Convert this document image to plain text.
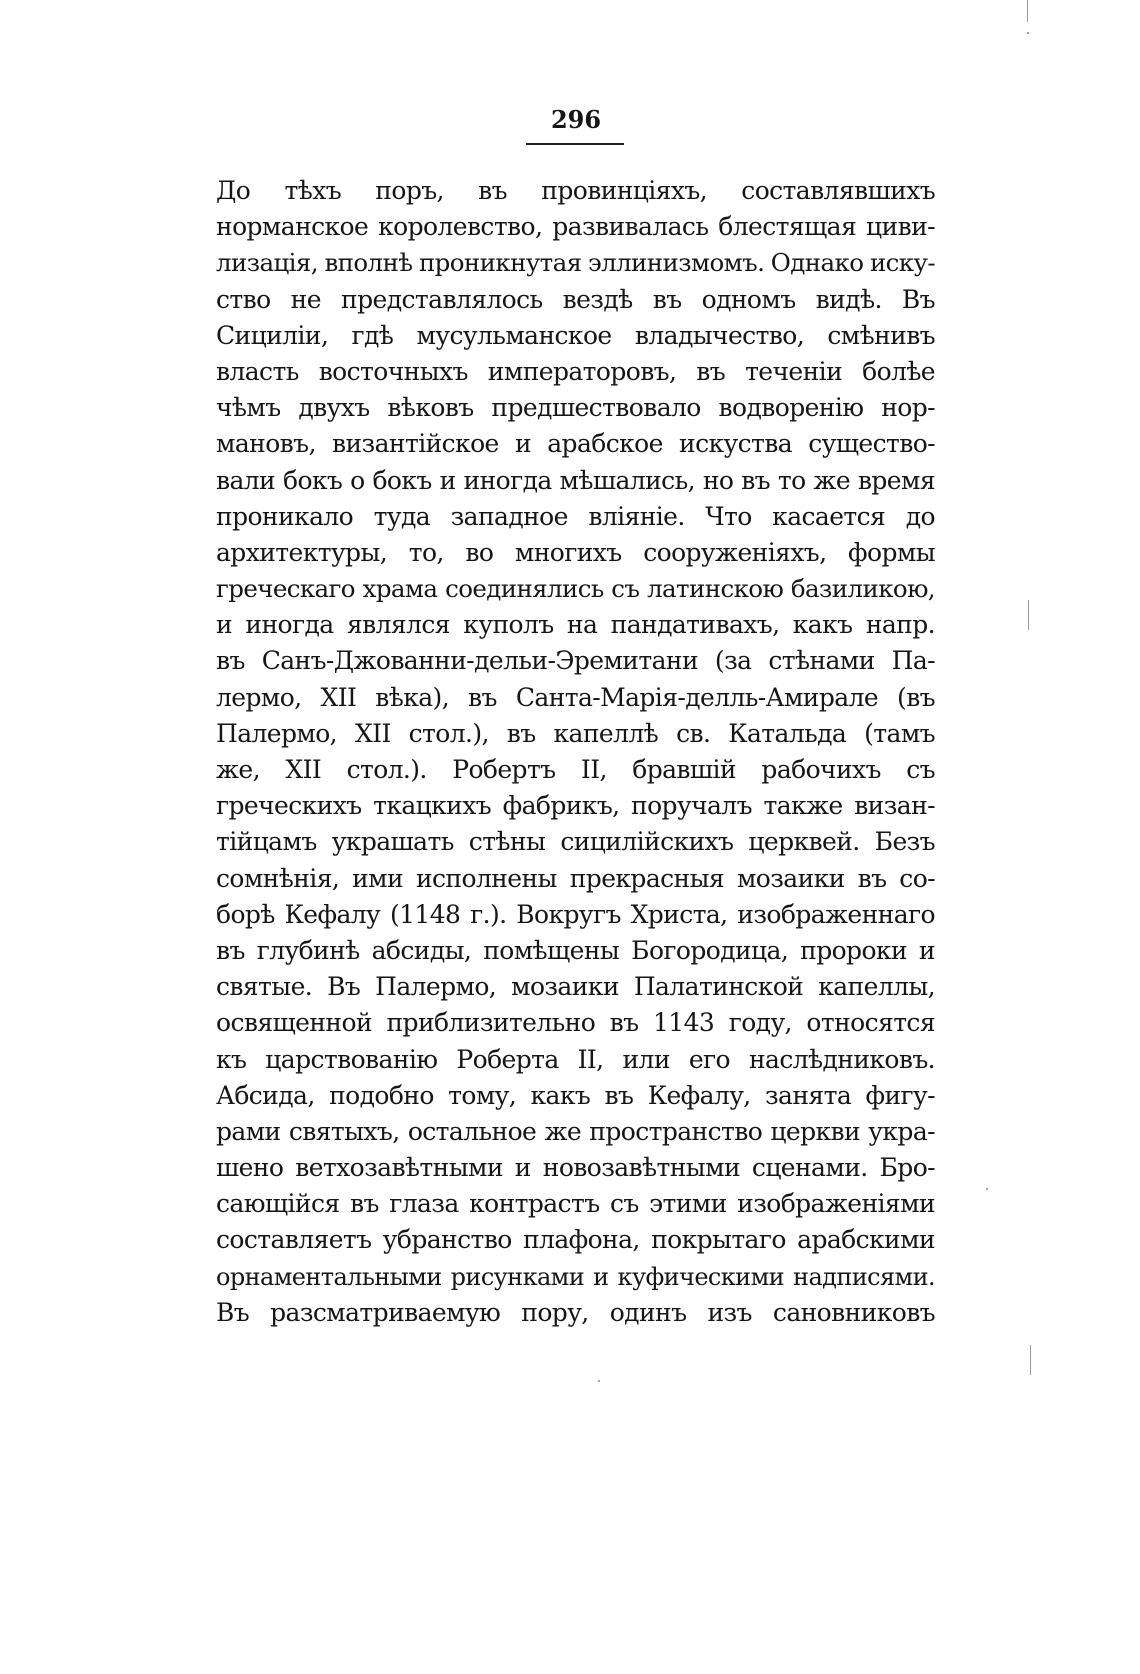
296
До тѣхъ поръ, въ провинціяхъ, составлявшихъ
норманское королевство, развивалась блестящая циви-
лизація, вполнѣ проникнутая эллинизмомъ. Однако иску-
ство не представлялось вездѣ въ одномъ видѣ. Въ
Сициліи, гдѣ мусульманское владычество, смѣнивъ
власть восточныхъ императоровъ, въ теченіи болѣе
чѣмъ двухъ вѣковъ предшествовало водворенію нор-
мановъ, византійское и арабское искуства существо-
вали бокъ о бокъ и иногда мѣшались, но въ то же время
проникало туда западное вліяніе. Что касается до
архитектуры, то, во многихъ сооруженіяхъ, формы
греческаго храма соединялись съ латинскою базиликою,
и иногда являлся куполъ на пандативахъ, какъ напр.
въ Санъ-Джованни-дельи-Эремитани (за стѣнами Па-
лермо, XII вѣка), въ Санта-Марія-делль-Амирале (въ
Палермо, XII стол.), въ капеллѣ св. Катальда (тамъ
же, XII стол.). Робертъ II, бравшій рабочихъ съ
греческихъ ткацкихъ фабрикъ, поручалъ также визан-
тійцамъ украшать стѣны сицилійскихъ церквей. Безъ
сомнѣнія, ими исполнены прекрасныя мозаики въ со-
борѣ Кефалу (1148 г.). Вокругъ Христа, изображеннаго
въ глубинѣ абсиды, помѣщены Богородица, пророки и
святые. Въ Палермо, мозаики Палатинской капеллы,
освященной приблизительно въ 1143 году, относятся
къ царствованію Роберта II, или его наслѣдниковъ.
Абсида, подобно тому, какъ въ Кефалу, занята фигу-
рами святыхъ, остальное же пространство церкви укра-
шено ветхозавѣтными и новозавѣтными сценами. Бро-
сающійся въ глаза контрастъ съ этими изображеніями
составляетъ убранство плафона, покрытаго арабскими
орнаментальными рисунками и куфическими надписями.
Въ разсматриваемую пору, одинъ изъ сановниковъ
